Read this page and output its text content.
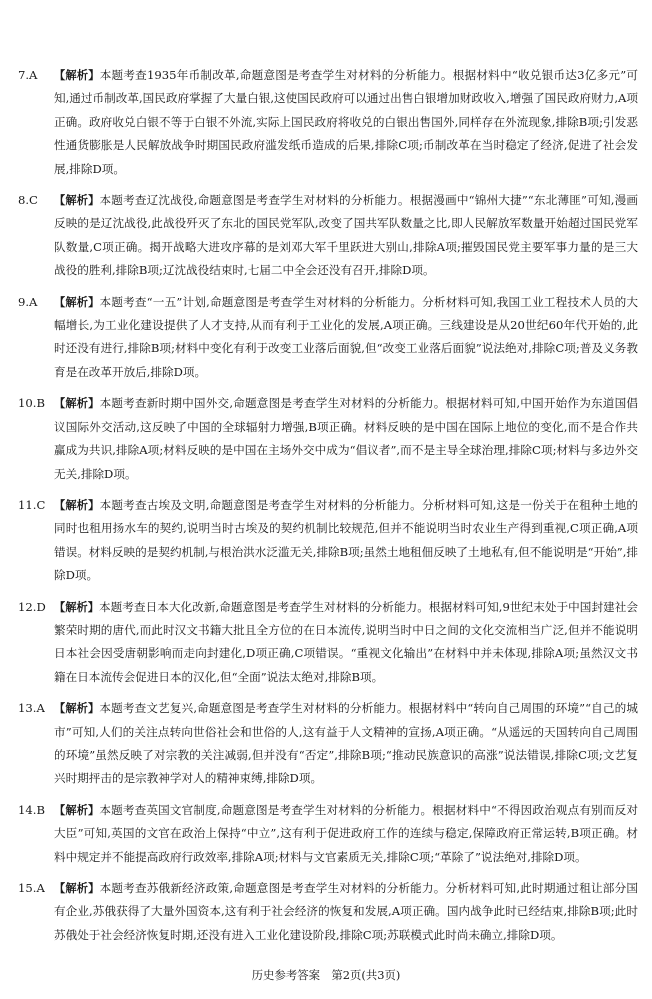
7.A	【解析】本题考查1935年币制改革,命题意图是考查学生对材料的分析能力。根据材料中“收兑银币达3亿多元”可知,通过币制改革,国民政府掌握了大量白银,这使国民政府可以通过出售白银增加财政收入,增强了国民政府财力,A项正确。政府收兑白银不等于白银不外流,实际上国民政府将收兑的白银出售国外,同样存在外流现象,排除B项;引发恶性通货膨胀是人民解放战争时期国民政府滥发纸币造成的后果,排除C项;币制改革在当时稳定了经济,促进了社会发展,排除D项。
8.C	【解析】本题考查辽沈战役,命题意图是考查学生对材料的分析能力。根据漫画中“锦州大捷”“东北薄匪”可知,漫画反映的是辽沈战役,此战役歼灭了东北的国民党军队,改变了国共军队数量之比,即人民解放军数量开始超过国民党军队数量,C项正确。揭开战略大进攻序幕的是刘邓大军千里跃进大别山,排除A项;摧毁国民党主要军事力量的是三大战役的胜利,排除B项;辽沈战役结束时,七届二中全会还没有召开,排除D项。
9.A	【解析】本题考查“一五”计划,命题意图是考查学生对材料的分析能力。分析材料可知,我国工业工程技术人员的大幅增长,为工业化建设提供了人才支持,从而有利于工业化的发展,A项正确。三线建设是从20世纪60年代开始的,此时还没有进行,排除B项;材料中变化有利于改变工业落后面貌,但“改变工业落后面貌”说法绝对,排除C项;普及义务教育是在改革开放后,排除D项。
10.B 【解析】本题考查新时期中国外交,命题意图是考查学生对材料的分析能力。根据材料可知,中国开始作为东道国倡议国际外交活动,这反映了中国的全球辐射力增强,B项正确。材料反映的是中国在国际上地位的变化,而不是合作共赢成为共识,排除A项;材料反映的是中国在主场外交中成为“倡议者”,而不是主导全球治理,排除C项;材料与多边外交无关,排除D项。
11.C 【解析】本题考查古埃及文明,命题意图是考查学生对材料的分析能力。分析材料可知,这是一份关于在租种土地的同时也租用扬水车的契约,说明当时古埃及的契约机制比较规范,但并不能说明当时农业生产得到重视,C项正确,A项错误。材料反映的是契约机制,与根治洪水泛滥无关,排除B项;虽然土地租佃反映了土地私有,但不能说明是“开始”,排除D项。
12.D 【解析】本题考查日本大化改新,命题意图是考查学生对材料的分析能力。根据材料可知,9世纪末处于中国封建社会繁荣时期的唐代,而此时汉文书籍大批且全方位的在日本流传,说明当时中日之间的文化交流相当广泛,但并不能说明日本社会因受唐朝影响而走向封建化,D项正确,C项错误。“重视文化输出”在材料中并未体现,排除A项;虽然汉文书籍在日本流传会促进日本的汉化,但“全面”说法太绝对,排除B项。
13.A 【解析】本题考查文艺复兴,命题意图是考查学生对材料的分析能力。根据材料中“转向自己周围的环境”“自己的城市”可知,人们的关注点转向世俗社会和世俗的人,这有益于人文精神的宣扬,A项正确。“从遥远的天国转向自己周围的环境”虽然反映了对宗教的关注减弱,但并没有“否定”,排除B项;“推动民族意识的高涨”说法错误,排除C项;文艺复兴时期抨击的是宗教神学对人的精神束缚,排除D项。
14.B 【解析】本题考查英国文官制度,命题意图是考查学生对材料的分析能力。根据材料中“不得因政治观点有别而反对大臣”可知,英国的文官在政治上保持“中立”,这有利于促进政府工作的连续与稳定,保障政府正常运转,B项正确。材料中规定并不能提高政府行政效率,排除A项;材料与文官素质无关,排除C项;“革除了”说法绝对,排除D项。
15.A 【解析】本题考查苏俄新经济政策,命题意图是考查学生对材料的分析能力。分析材料可知,此时期通过租让部分国有企业,苏俄获得了大量外国资本,这有利于社会经济的恢复和发展,A项正确。国内战争此时已经结束,排除B项;此时苏俄处于社会经济恢复时期,还没有进入工业化建设阶段,排除C项;苏联模式此时尚未确立,排除D项。
历史参考答案　第2页(共3页)
